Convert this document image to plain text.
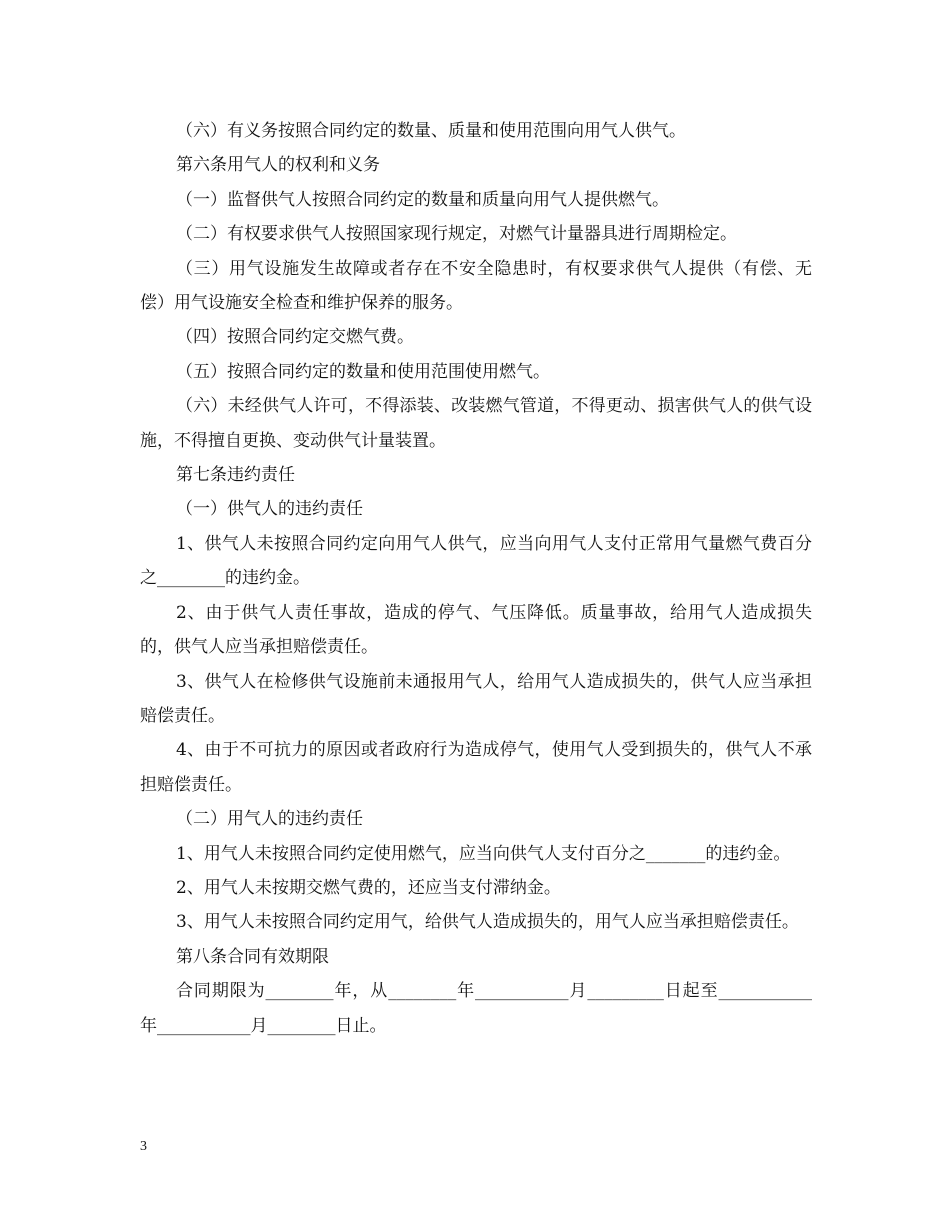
（六）有义务按照合同约定的数量、质量和使用范围向用气人供气。

第六条用气人的权利和义务

（一）监督供气人按照合同约定的数量和质量向用气人提供燃气。

（二）有权要求供气人按照国家现行规定，对燃气计量器具进行周期检定。

（三）用气设施发生故障或者存在不安全隐患时，有权要求供气人提供（有偿、无偿）用气设施安全检查和维护保养的服务。

（四）按照合同约定交燃气费。

（五）按照合同约定的数量和使用范围使用燃气。

（六）未经供气人许可，不得添装、改装燃气管道，不得更动、损害供气人的供气设施，不得擅自更换、变动供气计量装置。

第七条违约责任

（一）供气人的违约责任

1、供气人未按照合同约定向用气人供气，应当向用气人支付正常用气量燃气费百分之________的违约金。

2、由于供气人责任事故，造成的停气、气压降低。质量事故，给用气人造成损失的，供气人应当承担赔偿责任。

3、供气人在检修供气设施前未通报用气人，给用气人造成损失的，供气人应当承担赔偿责任。

4、由于不可抗力的原因或者政府行为造成停气，使用气人受到损失的，供气人不承担赔偿责任。

（二）用气人的违约责任

1、用气人未按照合同约定使用燃气，应当向供气人支付百分之_______的违约金。

2、用气人未按期交燃气费的，还应当支付滞纳金。

3、用气人未按照合同约定用气，给供气人造成损失的，用气人应当承担赔偿责任。

第八条合同有效期限

合同期限为________年，从________年___________月_________日起至___________年___________月________日止。

3
